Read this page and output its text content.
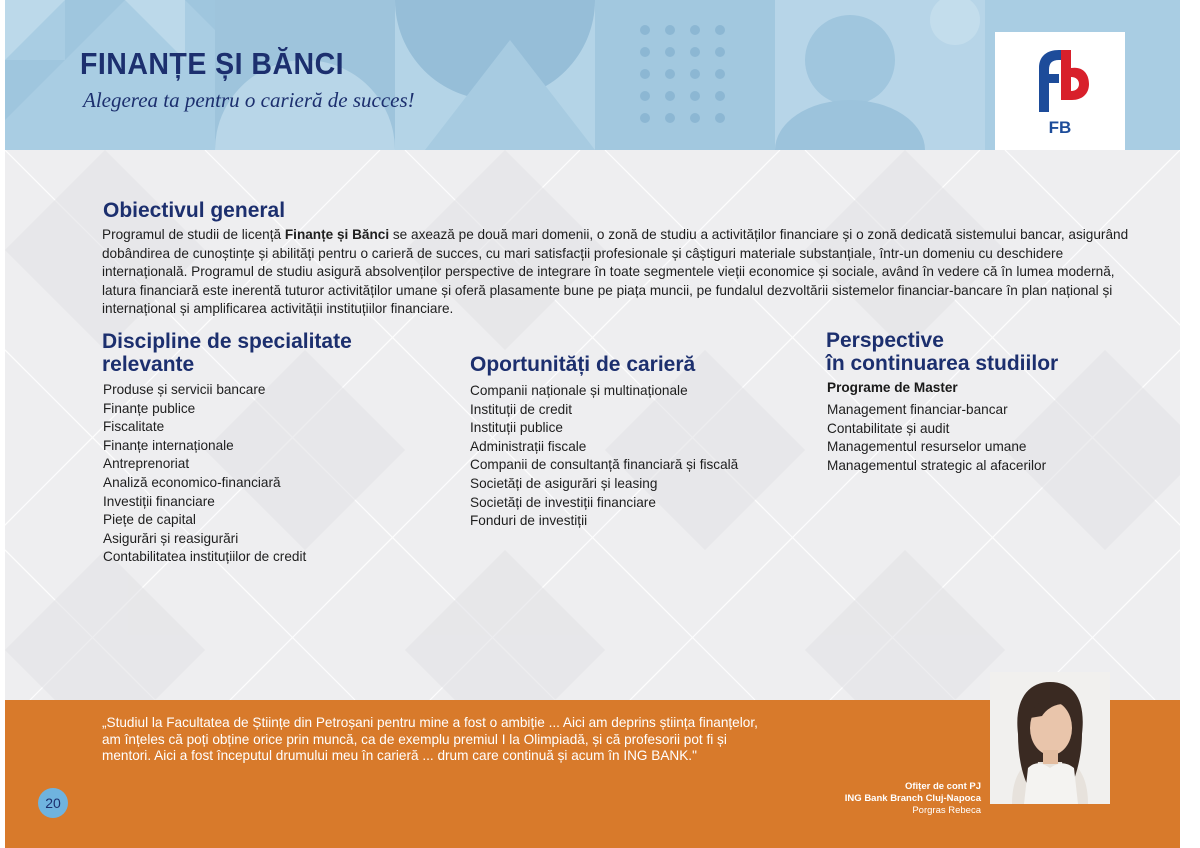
FINANȚE ȘI BĂNCI
Alegerea ta pentru o carieră de succes!
FB
Obiectivul general
Programul de studii de licență Finanțe și Bănci se axează pe două mari domenii, o zonă de studiu a activităților financiare și o zonă dedicată sistemului bancar, asigurând dobândirea de cunoștințe și abilități pentru o carieră de succes, cu mari satisfacții profesionale și câștiguri materiale substanțiale, într-un domeniu cu deschidere internațională. Programul de studiu asigură absolvenților perspective de integrare în toate segmentele vieții economice și sociale, având în vedere că în lumea modernă, latura financiară este inerentă tuturor activităților umane și oferă plasamente bune pe piața muncii, pe fundalul dezvoltării sistemelor financiar-bancare în plan național și internațional și amplificarea activității instituțiilor financiare.
Discipline de specialitate
relevante
Produse și servicii bancare
Finanțe publice
Fiscalitate
Finanțe internaționale
Antreprenoriat
Analiză economico-financiară
Investiții financiare
Piețe de capital
Asigurări și reasigurări
Contabilitatea instituțiilor de credit
Oportunități de carieră
Companii naționale și multinaționale
Instituții de credit
Instituții publice
Administrații fiscale
Companii de consultanță financiară și fiscală
Societăți de asigurări și leasing
Societăți de investiții financiare
Fonduri de investiții
Perspective
în continuarea studiilor
Programe de Master
Management financiar-bancar
Contabilitate și audit
Managementul resurselor umane
Managementul strategic al afacerilor
„Studiul la Facultatea de Științe din Petroșani pentru mine a fost o ambiție ... Aici am deprins știința finanțelor, am înțeles că poți obține orice prin muncă, ca de exemplu premiul I la Olimpiadă, și că profesorii pot fi și mentori. Aici a fost începutul drumului meu în carieră ... drum care continuă și acum în ING BANK."
Ofițer de cont PJ
ING Bank Branch Cluj-Napoca
Porgras Rebeca
20
